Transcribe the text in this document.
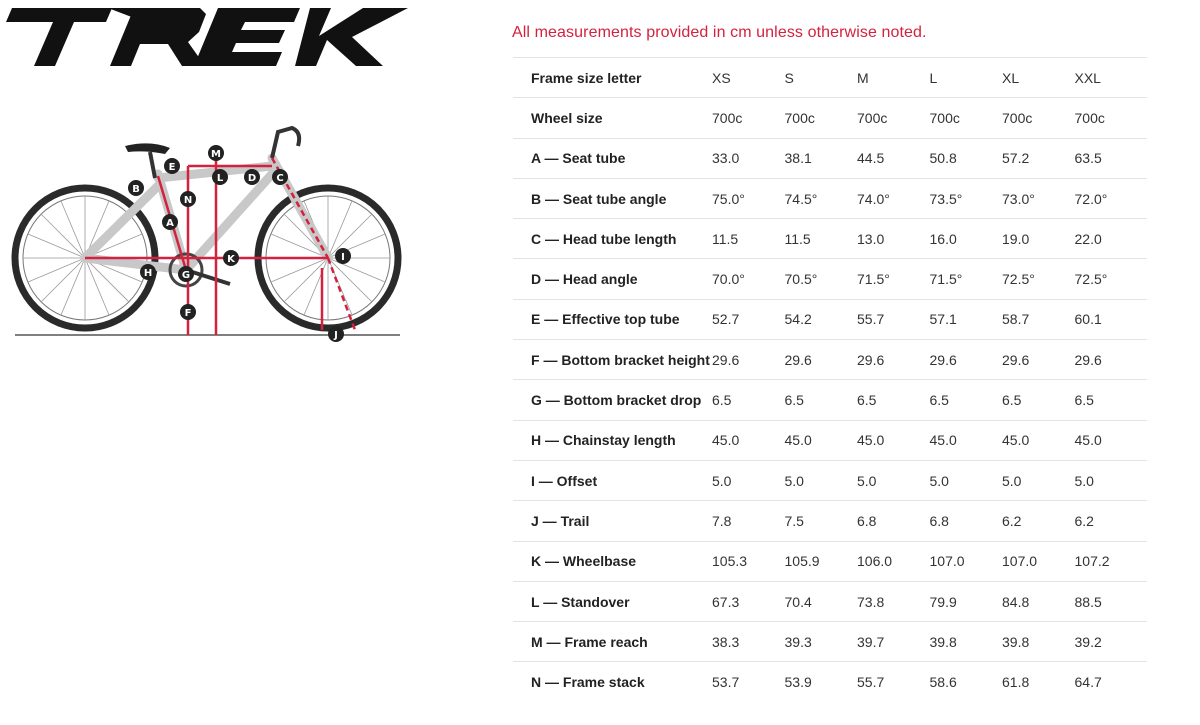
A
B
C
D
E
F
G
H
I
J
K
L
M
N
All measurements provided in cm unless otherwise noted.
Frame size letter	XS	S	M	L	XL	XXL
Wheel size	700c	700c	700c	700c	700c	700c
A — Seat tube	33.0	38.1	44.5	50.8	57.2	63.5
B — Seat tube angle	75.0°	74.5°	74.0°	73.5°	73.0°	72.0°
C — Head tube length	11.5	11.5	13.0	16.0	19.0	22.0
D — Head angle	70.0°	70.5°	71.5°	71.5°	72.5°	72.5°
E — Effective top tube	52.7	54.2	55.7	57.1	58.7	60.1
F — Bottom bracket height	29.6	29.6	29.6	29.6	29.6	29.6
G — Bottom bracket drop	6.5	6.5	6.5	6.5	6.5	6.5
H — Chainstay length	45.0	45.0	45.0	45.0	45.0	45.0
I — Offset	5.0	5.0	5.0	5.0	5.0	5.0
J — Trail	7.8	7.5	6.8	6.8	6.2	6.2
K — Wheelbase	105.3	105.9	106.0	107.0	107.0	107.2
L — Standover	67.3	70.4	73.8	79.9	84.8	88.5
M — Frame reach	38.3	39.3	39.7	39.8	39.8	39.2
N — Frame stack	53.7	53.9	55.7	58.6	61.8	64.7
